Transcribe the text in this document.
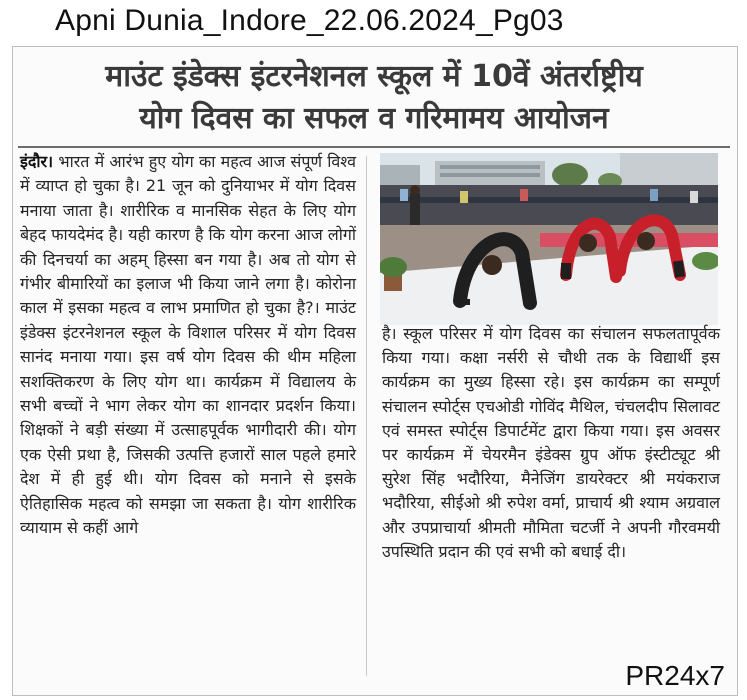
Apni Dunia_Indore_22.06.2024_Pg03
माउंट इंडेक्स इंटरनेशनल स्कूल में 10वें अंतर्राष्ट्रीय
योग दिवस का सफल व गरिमामय आयोजन

इंदौर। भारत में आरंभ हुए योग का महत्व आज संपूर्ण विश्व में व्याप्त हो चुका है। 21 जून को दुनियाभर में योग दिवस मनाया जाता है। शारीरिक व मानसिक सेहत के लिए योग बेहद फायदेमंद है। यही कारण है कि योग करना आज लोगों की दिनचर्या का अहम् हिस्सा बन गया है। अब तो योग से गंभीर बीमारियों का इलाज भी किया जाने लगा है। कोरोना काल में इसका महत्व व लाभ प्रमाणित हो चुका है?। माउंट इंडेक्स इंटरनेशनल स्कूल के विशाल परिसर में योग दिवस सानंद मनाया गया। इस वर्ष योग दिवस की थीम महिला सशक्तिकरण के लिए योग था। कार्यक्रम में विद्यालय के सभी बच्चों ने भाग लेकर योग का शानदार प्रदर्शन किया। शिक्षकों ने बड़ी संख्या में उत्साहपूर्वक भागीदारी की। योग एक ऐसी प्रथा है, जिसकी उत्पत्ति हजारों साल पहले हमारे देश में ही हुई थी। योग दिवस को मनाने से इसके ऐतिहासिक महत्व को समझा जा सकता है। योग शारीरिक व्यायाम से कहीं आगे

है। स्कूल परिसर में योग दिवस का संचालन सफलतापूर्वक किया गया। कक्षा नर्सरी से चौथी तक के विद्यार्थी इस कार्यक्रम का मुख्य हिस्सा रहे। इस कार्यक्रम का सम्पूर्ण संचालन स्पोर्ट्स एचओडी गोविंद मैथिल, चंचलदीप सिलावट एवं समस्त स्पोर्ट्स डिपार्टमेंट द्वारा किया गया। इस अवसर पर कार्यक्रम में चेयरमैन इंडेक्स ग्रुप ऑफ इंस्टीट्यूट श्री सुरेश सिंह भदौरिया, मैनेजिंग डायरेक्टर श्री मयंकराज भदौरिया, सीईओ श्री रुपेश वर्मा, प्राचार्य श्री श्याम अग्रवाल और उपप्राचार्या श्रीमती मौमिता चटर्जी ने अपनी गौरवमयी उपस्थिति प्रदान की एवं सभी को बधाई दी।

PR24x7
